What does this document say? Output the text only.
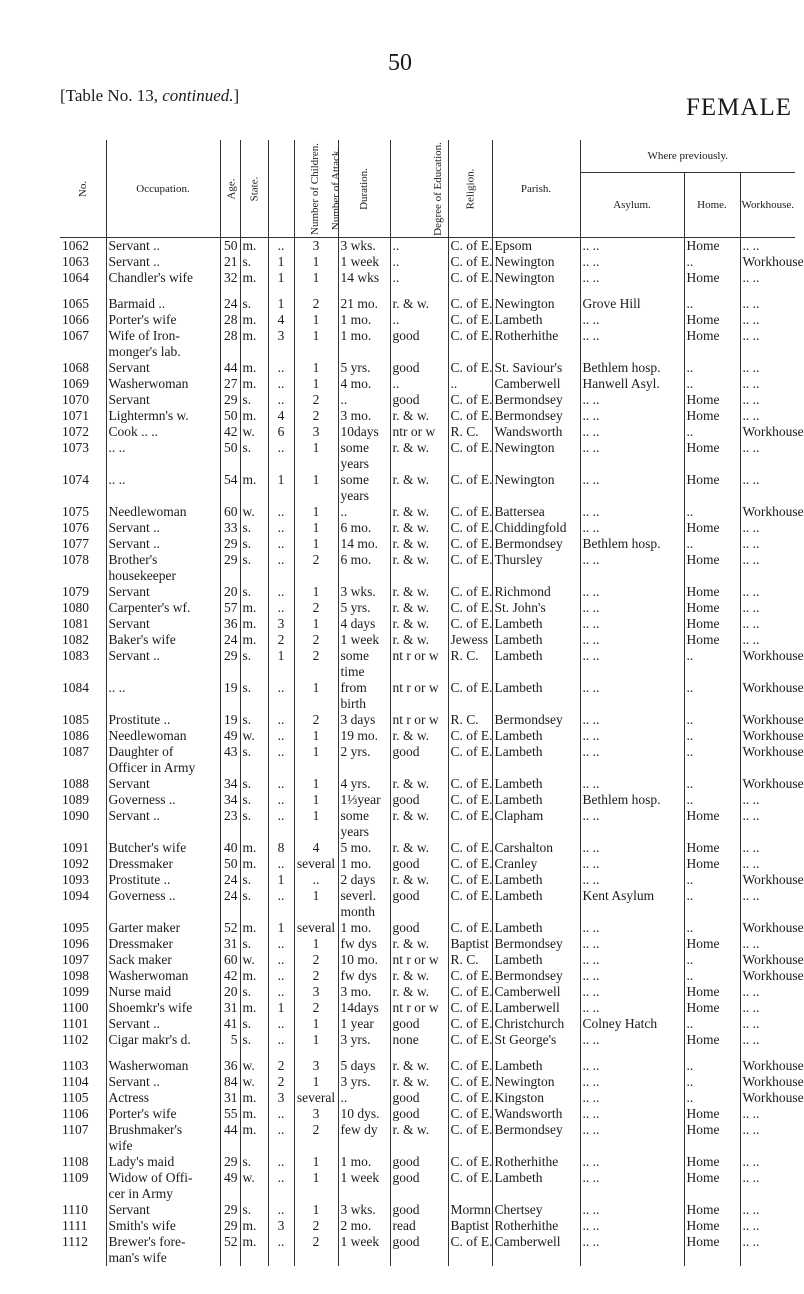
50
[Table No. 13, continued.]	FEMALE
No.	Occupation.	Age.	State.	Number of Children.	Number of Attack.	Duration.	Degree of Education.	Religion.	Parish.	Where previously.		
										Asylum.	Home.	Workhouse.
1062	Servant ..	50	m.	..	3	3 wks.	..	C. of E.	Epsom	.. ..	Home	.. ..
1063	Servant ..	21	s.	1	1	1 week	..	C. of E.	Newington	.. ..	..	Workhouse
1064	Chandler's wife	32	m.	1	1	14 wks	..	C. of E.	Newington	.. ..	Home	.. ..

1065	Barmaid ..	24	s.	1	2	21 mo.	r. & w.	C. of E.	Newington	Grove Hill	..	.. ..
1066	Porter's wife	28	m.	4	1	1 mo.	..	C. of E.	Lambeth	.. ..	Home	.. ..
1067	Wife of Iron-	28	m.	3	1	1 mo.	good	C. of E.	Rotherhithe	.. ..	Home	.. ..
	monger's lab.											
1068	Servant	44	m.	..	1	5 yrs.	good	C. of E.	St. Saviour's	Bethlem hosp.	..	.. ..
1069	Washerwoman	27	m.	..	1	4 mo.	..	..	Camberwell	Hanwell Asyl.	..	.. ..
1070	Servant	29	s.	..	2	..	good	C. of E.	Bermondsey	.. ..	Home	.. ..
1071	Lightermn's w.	50	m.	4	2	3 mo.	r. & w.	C. of E.	Bermondsey	.. ..	Home	.. ..
1072	Cook .. ..	42	w.	6	3	10days	ntr or w	R. C.	Wandsworth	.. ..	..	Workhouse
1073	.. ..	50	s.	..	1	some	r. & w.	C. of E.	Newington	.. ..	Home	.. ..
						years						
1074	.. ..	54	m.	1	1	some	r. & w.	C. of E.	Newington	.. ..	Home	.. ..
						years						
1075	Needlewoman	60	w.	..	1	..	r. & w.	C. of E.	Battersea	.. ..	..	Workhouse
1076	Servant ..	33	s.	..	1	6 mo.	r. & w.	C. of E.	Chiddingfold	.. ..	Home	.. ..
1077	Servant ..	29	s.	..	1	14 mo.	r. & w.	C. of E.	Bermondsey	Bethlem hosp.	..	.. ..
1078	Brother's	29	s.	..	2	6 mo.	r. & w.	C. of E.	Thursley	.. ..	Home	.. ..
	housekeeper											
1079	Servant	20	s.	..	1	3 wks.	r. & w.	C. of E.	Richmond	.. ..	Home	.. ..
1080	Carpenter's wf.	57	m.	..	2	5 yrs.	r. & w.	C. of E.	St. John's	.. ..	Home	.. ..
1081	Servant	36	m.	3	1	4 days	r. & w.	C. of E.	Lambeth	.. ..	Home	.. ..
1082	Baker's wife	24	m.	2	2	1 week	r. & w.	Jewess	Lambeth	.. ..	Home	.. ..
1083	Servant ..	29	s.	1	2	some	nt r or w	R. C.	Lambeth	.. ..	..	Workhouse
						time						
1084	.. ..	19	s.	..	1	from	nt r or w	C. of E.	Lambeth	.. ..	..	Workhouse
						birth						
1085	Prostitute ..	19	s.	..	2	3 days	nt r or w	R. C.	Bermondsey	.. ..	..	Workhouse
1086	Needlewoman	49	w.	..	1	19 mo.	r. & w.	C. of E.	Lambeth	.. ..	..	Workhouse
1087	Daughter of	43	s.	..	1	2 yrs.	good	C. of E.	Lambeth	.. ..	..	Workhouse
	Officer in Army											
1088	Servant	34	s.	..	1	4 yrs.	r. & w.	C. of E.	Lambeth	.. ..	..	Workhouse
1089	Governess ..	34	s.	..	1	1⅓year	good	C. of E.	Lambeth	Bethlem hosp.	..	.. ..
1090	Servant ..	23	s.	..	1	some	r. & w.	C. of E.	Clapham	.. ..	Home	.. ..
						years						
1091	Butcher's wife	40	m.	8	4	5 mo.	r. & w.	C. of E.	Carshalton	.. ..	Home	.. ..
1092	Dressmaker	50	m.	..	several	1 mo.	good	C. of E.	Cranley	.. ..	Home	.. ..
1093	Prostitute ..	24	s.	1	..	2 days	r. & w.	C. of E.	Lambeth	.. ..	..	Workhouse
1094	Governess ..	24	s.	..	1	severl.	good	C. of E.	Lambeth	Kent Asylum	..	.. ..
						month						
1095	Garter maker	52	m.	1	several	1 mo.	good	C. of E.	Lambeth	.. ..	..	Workhouse
1096	Dressmaker	31	s.	..	1	fw dys	r. & w.	Baptist	Bermondsey	.. ..	Home	.. ..
1097	Sack maker	60	w.	..	2	10 mo.	nt r or w	R. C.	Lambeth	.. ..	..	Workhouse
1098	Washerwoman	42	m.	..	2	fw dys	r. & w.	C. of E.	Bermondsey	.. ..	..	Workhouse
1099	Nurse maid	20	s.	..	3	3 mo.	r. & w.	C. of E.	Camberwell	.. ..	Home	.. ..
1100	Shoemkr's wife	31	m.	1	2	14days	nt r or w	C. of E.	Lamberwell	.. ..	Home	.. ..
1101	Servant ..	41	s.	..	1	1 year	good	C. of E.	Christchurch	Colney Hatch	..	.. ..
1102	Cigar makr's d.	5	s.	..	1	3 yrs.	none	C. of E.	St George's	.. ..	Home	.. ..

1103	Washerwoman	36	w.	2	3	5 days	r. & w.	C. of E.	Lambeth	.. ..	..	Workhouse
1104	Servant ..	84	w.	2	1	3 yrs.	r. & w.	C. of E.	Newington	.. ..	..	Workhouse
1105	Actress	31	m.	3	several	..	good	C. of E.	Kingston	.. ..	..	Workhouse
1106	Porter's wife	55	m.	..	3	10 dys.	good	C. of E.	Wandsworth	.. ..	Home	.. ..
1107	Brushmaker's	44	m.	..	2	few dy	r. & w.	C. of E.	Bermondsey	.. ..	Home	.. ..
	wife											
1108	Lady's maid	29	s.	..	1	1 mo.	good	C. of E.	Rotherhithe	.. ..	Home	.. ..
1109	Widow of Offi-	49	w.	..	1	1 week	good	C. of E.	Lambeth	.. ..	Home	.. ..
	cer in Army											
1110	Servant	29	s.	..	1	3 wks.	good	Mormn	Chertsey	.. ..	Home	.. ..
1111	Smith's wife	29	m.	3	2	2 mo.	read	Baptist	Rotherhithe	.. ..	Home	.. ..
1112	Brewer's fore-	52	m.	..	2	1 week	good	C. of E.	Camberwell	.. ..	Home	.. ..
	man's wife											
